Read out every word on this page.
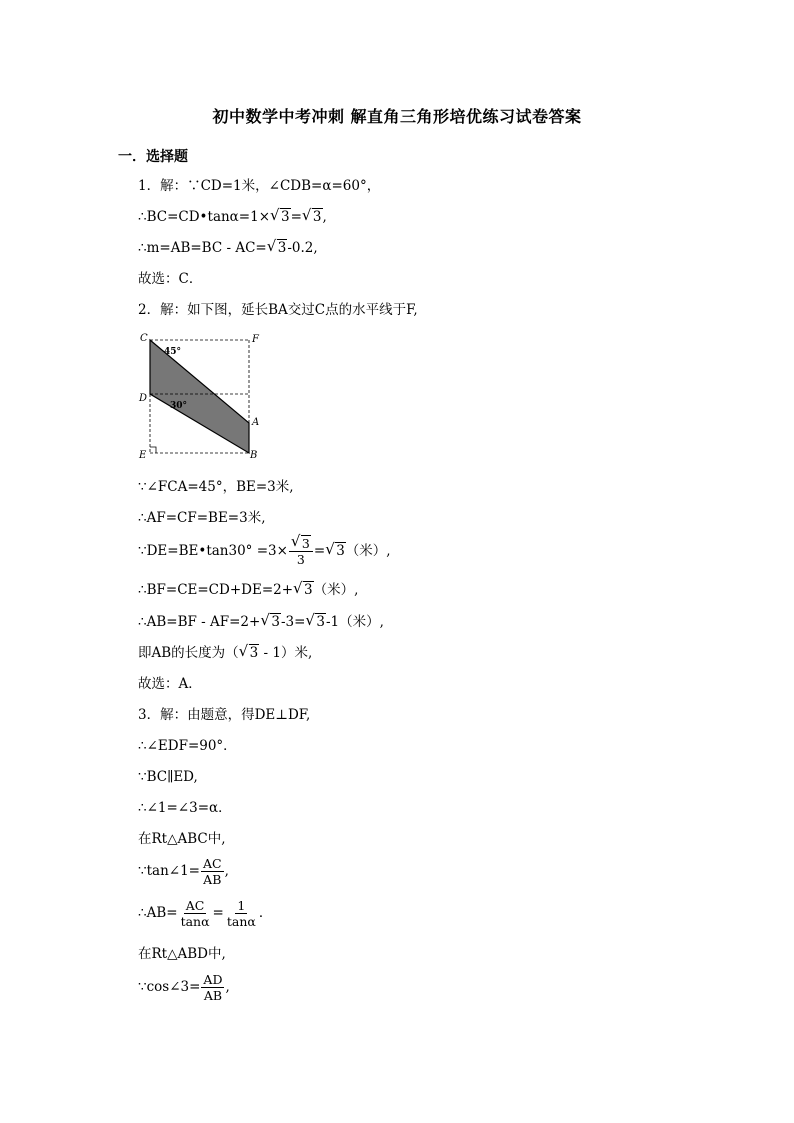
初中数学中考冲刺 解直角三角形培优练习试卷答案
一．选择题
1．解：∵CD=1米，∠CDB=α=60°，
∴BC=CD•tanα=1× √ 3= √ 3,
∴m=AB=BC - AC= √ 3-0.2,
故选：C．
2．解：如下图，延长BA交过C点的水平线于F,
C	F
D
A
E	B
45°
30°
∵∠FCA=45°，BE=3米,
∴AF=CF=BE=3米,
∵DE=BE•tan30° =3× √ $\frac{3}{3}$ = √ 3（米）,
∴BF=CE=CD+DE=2+ √ 3（米）,
∴AB=BF - AF=2+ √ 3-3= √ 3-1（米）,
即AB的长度为（ √ 3 - 1）米,
故选：A．
3．解：由题意，得DE⊥DF,
∴∠EDF=90°．
∵BC∥ED,
∴∠1=∠3=α．
在Rt△ABC中,
∵tan∠1= $\frac{AC}{AB}$ ,
∴AB= $\frac{AC}{\tan\alpha} = \frac{1}{\tan\alpha}$ ．
在Rt△ABD中,
∵cos∠3= $\frac{AD}{AB}$ ,
